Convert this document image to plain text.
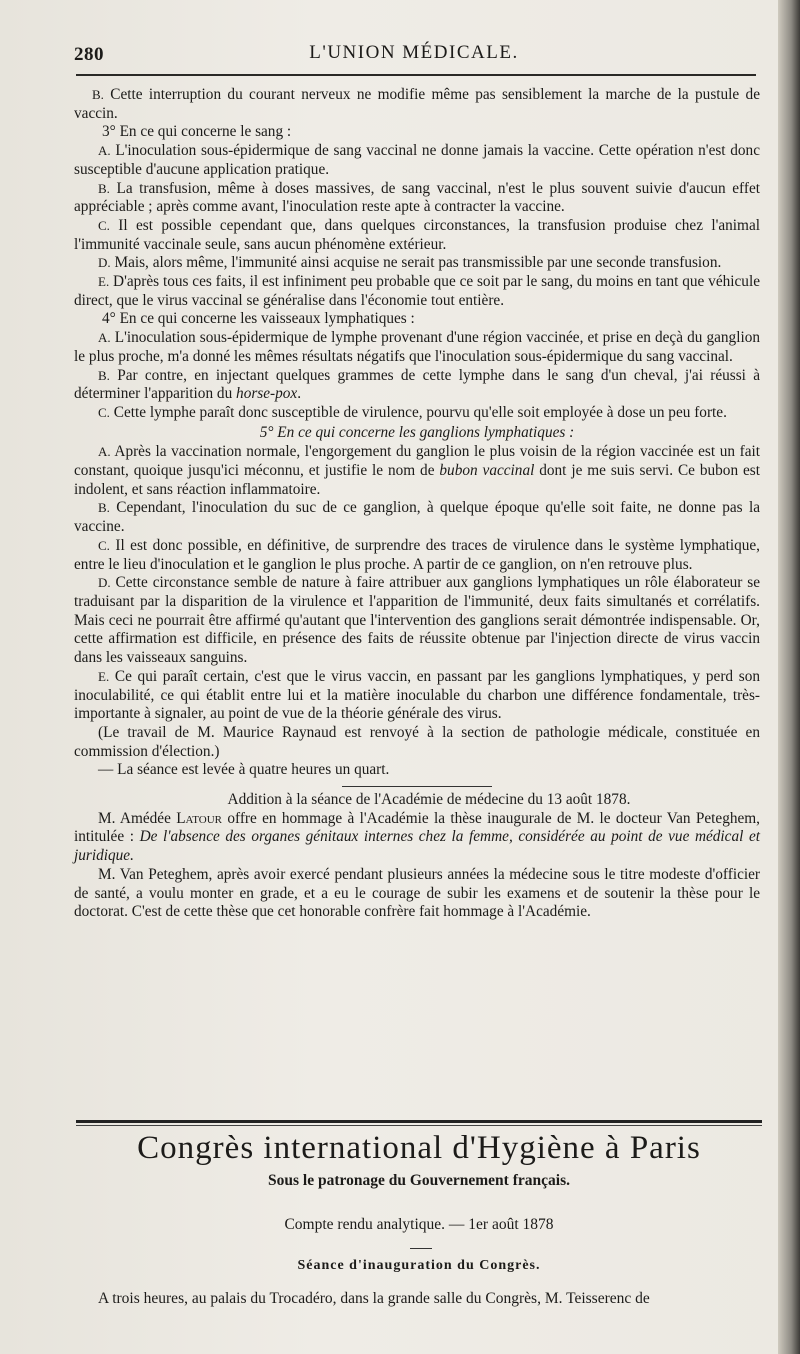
280	L'UNION MÉDICALE.

B. Cette interruption du courant nerveux ne modifie même pas sensiblement la marche de la pustule de vaccin.

3° En ce qui concerne le sang :

A. L'inoculation sous-épidermique de sang vaccinal ne donne jamais la vaccine. Cette opération n'est donc susceptible d'aucune application pratique.

B. La transfusion, même à doses massives, de sang vaccinal, n'est le plus souvent suivie d'aucun effet appréciable ; après comme avant, l'inoculation reste apte à contracter la vaccine.

C. Il est possible cependant que, dans quelques circonstances, la transfusion produise chez l'animal l'immunité vaccinale seule, sans aucun phénomène extérieur.

D. Mais, alors même, l'immunité ainsi acquise ne serait pas transmissible par une seconde transfusion.

E. D'après tous ces faits, il est infiniment peu probable que ce soit par le sang, du moins en tant que véhicule direct, que le virus vaccinal se généralise dans l'économie tout entière.

4° En ce qui concerne les vaisseaux lymphatiques :

A. L'inoculation sous-épidermique de lymphe provenant d'une région vaccinée, et prise en deçà du ganglion le plus proche, m'a donné les mêmes résultats négatifs que l'inoculation sous-épidermique du sang vaccinal.

B. Par contre, en injectant quelques grammes de cette lymphe dans le sang d'un cheval, j'ai réussi à déterminer l'apparition du horse-pox.

C. Cette lymphe paraît donc susceptible de virulence, pourvu qu'elle soit employée à dose un peu forte.

5° En ce qui concerne les ganglions lymphatiques :

A. Après la vaccination normale, l'engorgement du ganglion le plus voisin de la région vaccinée est un fait constant, quoique jusqu'ici méconnu, et justifie le nom de bubon vaccinal dont je me suis servi. Ce bubon est indolent, et sans réaction inflammatoire.

B. Cependant, l'inoculation du suc de ce ganglion, à quelque époque qu'elle soit faite, ne donne pas la vaccine.

C. Il est donc possible, en définitive, de surprendre des traces de virulence dans le système lymphatique, entre le lieu d'inoculation et le ganglion le plus proche. A partir de ce ganglion, on n'en retrouve plus.

D. Cette circonstance semble de nature à faire attribuer aux ganglions lymphatiques un rôle élaborateur se traduisant par la disparition de la virulence et l'apparition de l'immunité, deux faits simultanés et corrélatifs. Mais ceci ne pourrait être affirmé qu'autant que l'intervention des ganglions serait démontrée indispensable. Or, cette affirmation est difficile, en présence des faits de réussite obtenue par l'injection directe de virus vaccin dans les vaisseaux sanguins.

E. Ce qui paraît certain, c'est que le virus vaccin, en passant par les ganglions lymphatiques, y perd son inoculabilité, ce qui établit entre lui et la matière inoculable du charbon une différence fondamentale, très-importante à signaler, au point de vue de la théorie générale des virus.

(Le travail de M. Maurice Raynaud est renvoyé à la section de pathologie médicale, constituée en commission d'élection.)

— La séance est levée à quatre heures un quart.

Addition à la séance de l'Académie de médecine du 13 août 1878.

M. Amédée Latour offre en hommage à l'Académie la thèse inaugurale de M. le docteur Van Peteghem, intitulée : De l'absence des organes génitaux internes chez la femme, considérée au point de vue médical et juridique.

M. Van Peteghem, après avoir exercé pendant plusieurs années la médecine sous le titre modeste d'officier de santé, a voulu monter en grade, et a eu le courage de subir les examens et de soutenir la thèse pour le doctorat. C'est de cette thèse que cet honorable confrère fait hommage à l'Académie.

Congrès international d'Hygiène à Paris
Sous le patronage du Gouvernement français.
Compte rendu analytique. — 1er août 1878
Séance d'inauguration du Congrès.
A trois heures, au palais du Trocadéro, dans la grande salle du Congrès, M. Teisserenc de
